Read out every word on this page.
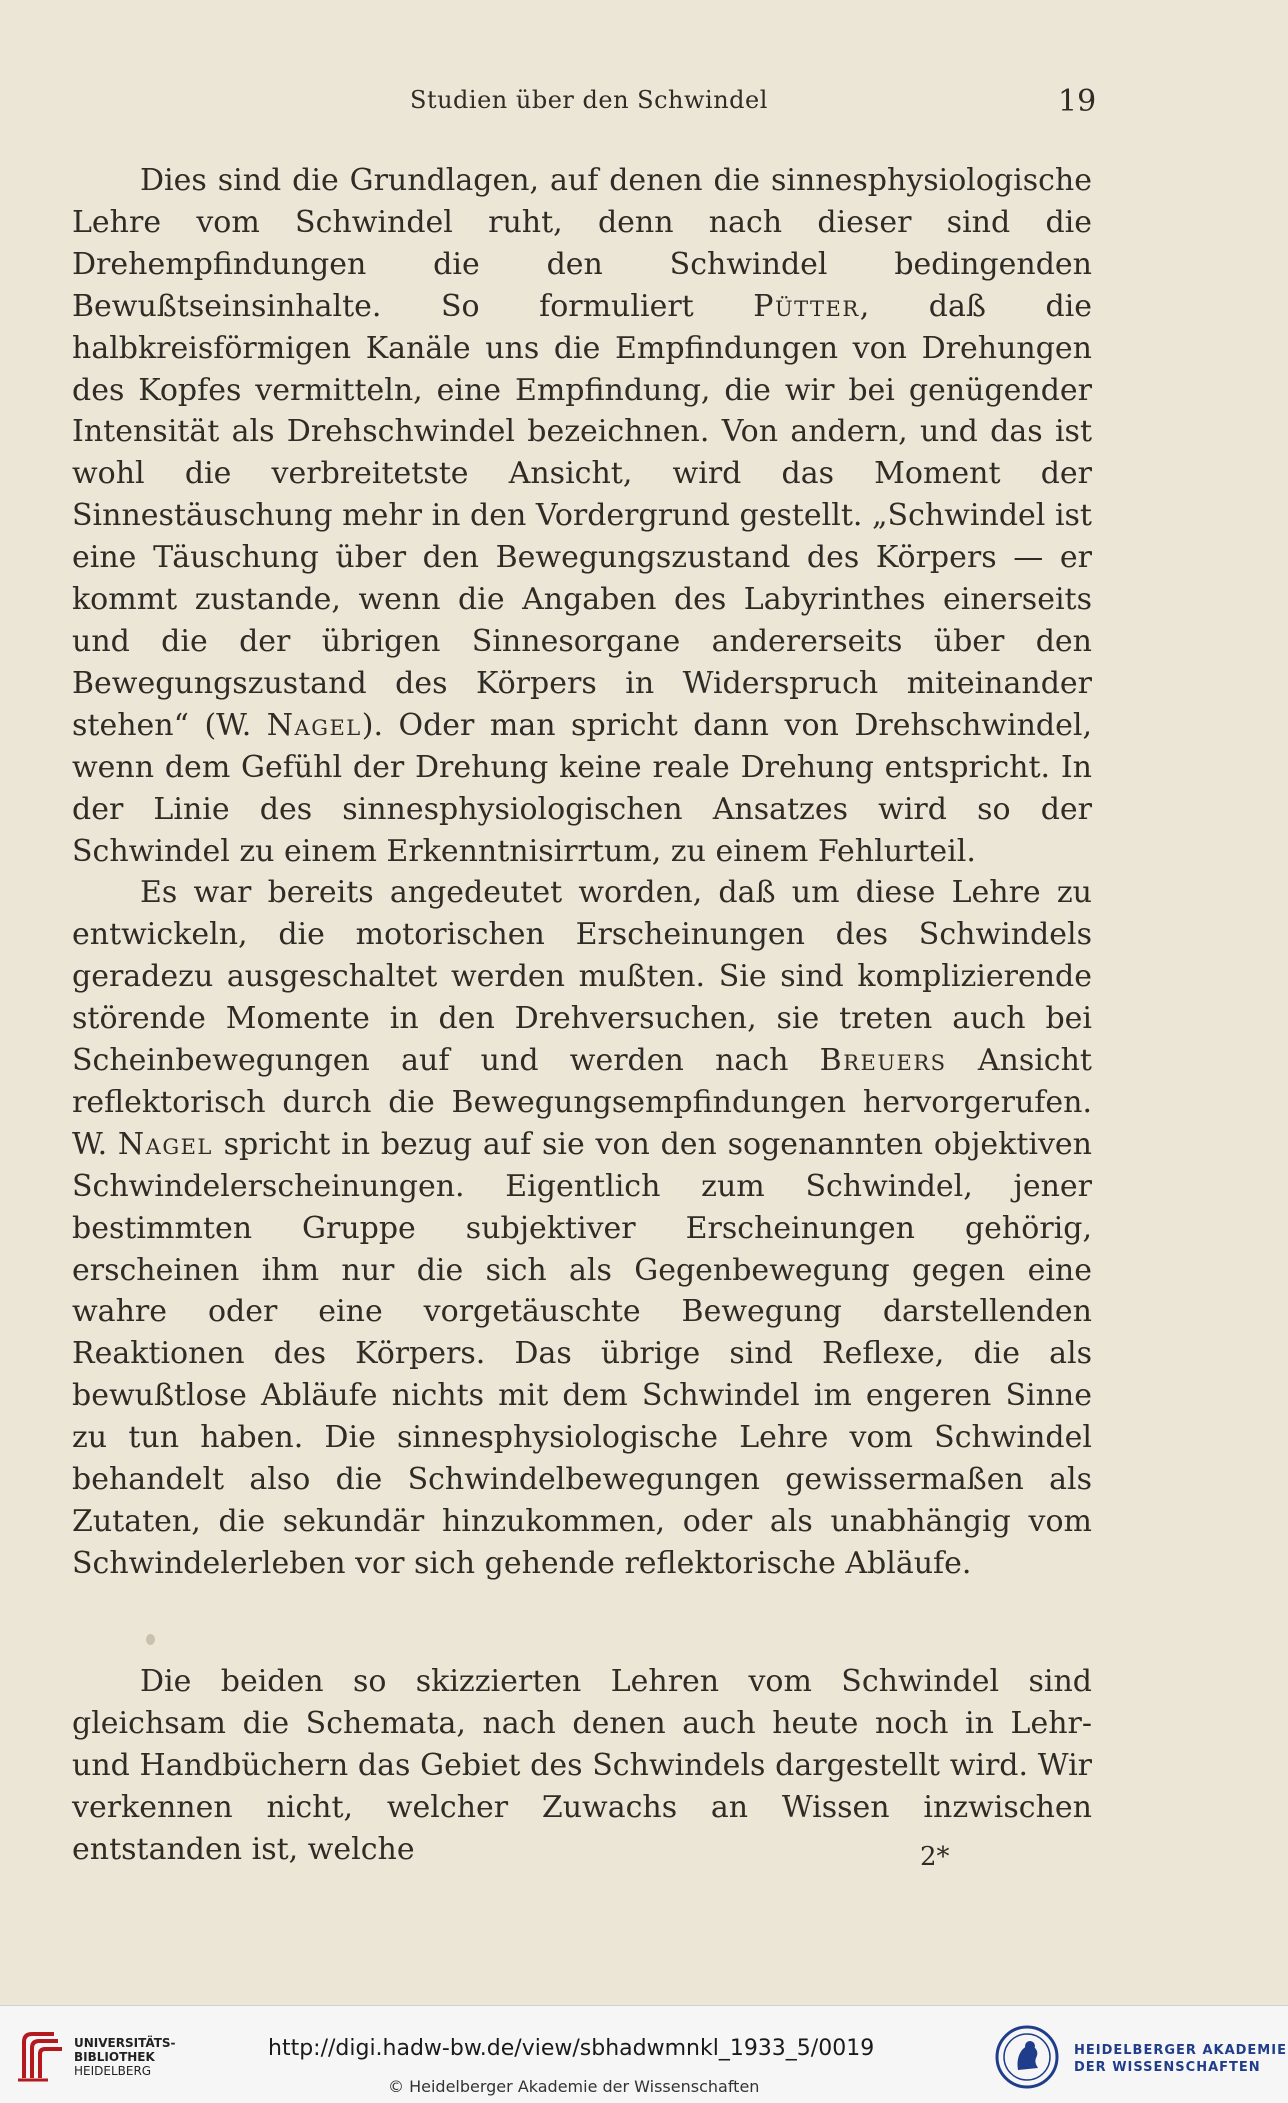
Studien über den Schwindel	19

Dies sind die Grundlagen, auf denen die sinnesphysiologische Lehre vom Schwindel ruht, denn nach dieser sind die Drehempfindungen die den Schwindel bedingenden Bewußtseinsinhalte. So formuliert Pütter, daß die halbkreisförmigen Kanäle uns die Empfindungen von Drehungen des Kopfes vermitteln, eine Empfindung, die wir bei genügender Intensität als Drehschwindel bezeichnen. Von andern, und das ist wohl die verbreitetste Ansicht, wird das Moment der Sinnestäuschung mehr in den Vordergrund gestellt. „Schwindel ist eine Täuschung über den Bewegungszustand des Körpers — er kommt zustande, wenn die Angaben des Labyrinthes einerseits und die der übrigen Sinnesorgane andererseits über den Bewegungszustand des Körpers in Widerspruch miteinander stehen“ (W. Nagel). Oder man spricht dann von Drehschwindel, wenn dem Gefühl der Drehung keine reale Drehung entspricht. In der Linie des sinnesphysiologischen Ansatzes wird so der Schwindel zu einem Erkenntnisirrtum, zu einem Fehlurteil.

Es war bereits angedeutet worden, daß um diese Lehre zu entwickeln, die motorischen Erscheinungen des Schwindels geradezu ausgeschaltet werden mußten. Sie sind komplizierende störende Momente in den Drehversuchen, sie treten auch bei Scheinbewegungen auf und werden nach Breuers Ansicht reflektorisch durch die Bewegungsempfindungen hervorgerufen. W. Nagel spricht in bezug auf sie von den sogenannten objektiven Schwindelerscheinungen. Eigentlich zum Schwindel, jener bestimmten Gruppe subjektiver Erscheinungen gehörig, erscheinen ihm nur die sich als Gegenbewegung gegen eine wahre oder eine vorgetäuschte Bewegung darstellenden Reaktionen des Körpers. Das übrige sind Reflexe, die als bewußtlose Abläufe nichts mit dem Schwindel im engeren Sinne zu tun haben. Die sinnesphysiologische Lehre vom Schwindel behandelt also die Schwindelbewegungen gewissermaßen als Zutaten, die sekundär hinzukommen, oder als unabhängig vom Schwindelerleben vor sich gehende reflektorische Abläufe.

Die beiden so skizzierten Lehren vom Schwindel sind gleichsam die Schemata, nach denen auch heute noch in Lehr- und Handbüchern das Gebiet des Schwindels dargestellt wird. Wir verkennen nicht, welcher Zuwachs an Wissen inzwischen entstanden ist, welche	2*
UNIVERSITÄTS-
BIBLIOTHEK
HEIDELBERG
http://digi.hadw-bw.de/view/sbhadwmnkl_1933_5/0019
© Heidelberger Akademie der Wissenschaften
HEIDELBERGER AKADEMIE
DER WISSENSCHAFTEN
